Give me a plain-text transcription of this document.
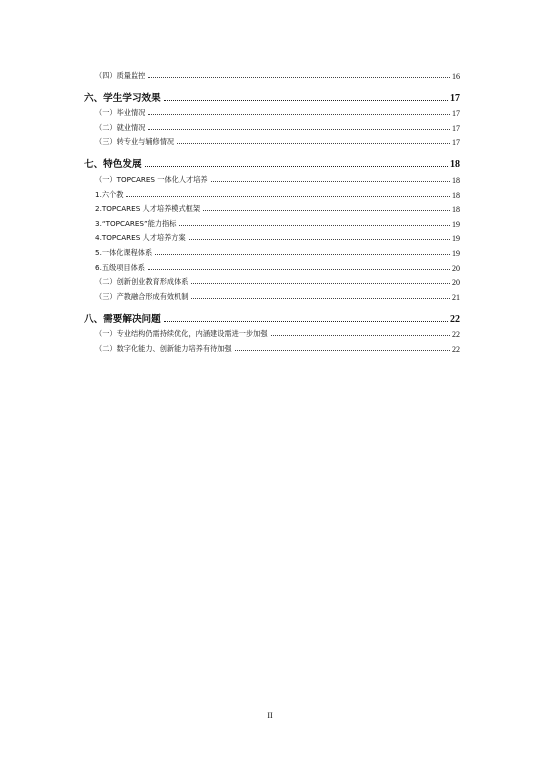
（四）质量监控	16
六、学生学习效果	17
（一）毕业情况	17
（二）就业情况	17
（三）转专业与辅修情况	17
七、特色发展	18
（一）TOPCARES 一体化人才培养	18
1.六个教	18
2.TOPCARES 人才培养模式框架	18
3.“TOPCARES”能力指标	19
4.TOPCARES 人才培养方案	19
5.一体化课程体系	19
6.五级项目体系	20
（二）创新创业教育形成体系	20
（三）产教融合形成有效机制	21
八、需要解决问题	22
（一）专业结构仍需持续优化，内涵建设需进一步加强	22
（二）数字化能力、创新能力培养有待加强	22
II
